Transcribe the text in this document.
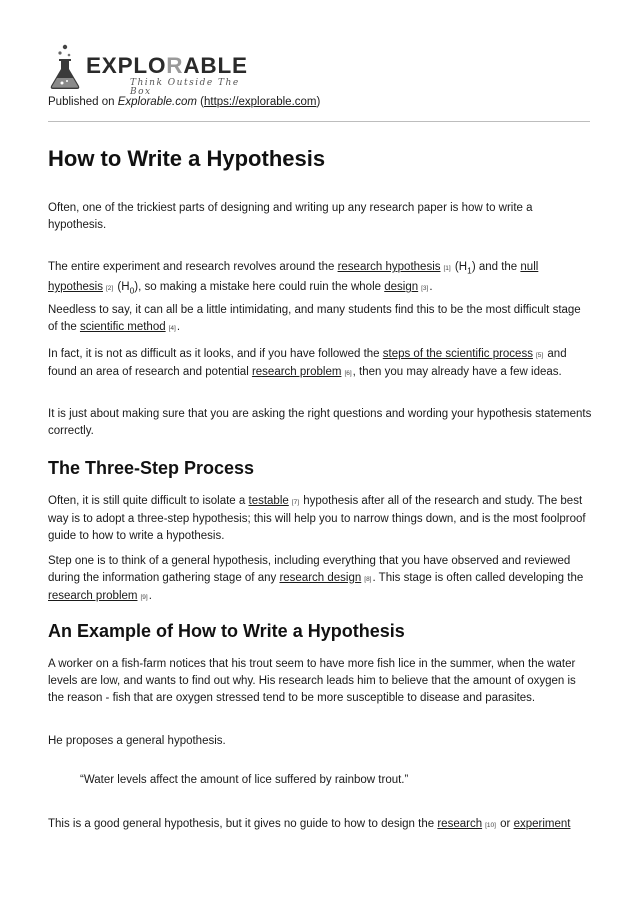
EXPLORABLE
Think Outside The Box
Published on Explorable.com (https://explorable.com)
How to Write a Hypothesis

Often, one of the trickiest parts of designing and writing up any research paper is how to write a hypothesis.

The entire experiment and research revolves around the research hypothesis [1] $(H_1)$ and the null hypothesis [2] $(H_0)$, so making a mistake here could ruin the whole design [3].

Needless to say, it can all be a little intimidating, and many students find this to be the most difficult stage of the scientific method [4].

In fact, it is not as difficult as it looks, and if you have followed the steps of the scientific process [5] and found an area of research and potential research problem [6], then you may already have a few ideas.

It is just about making sure that you are asking the right questions and wording your hypothesis statements correctly.

The Three-Step Process

Often, it is still quite difficult to isolate a testable [7] hypothesis after all of the research and study. The best way is to adopt a three-step hypothesis; this will help you to narrow things down, and is the most foolproof guide to how to write a hypothesis.

Step one is to think of a general hypothesis, including everything that you have observed and reviewed during the information gathering stage of any research design [8]. This stage is often called developing the research problem [9].

An Example of How to Write a Hypothesis

A worker on a fish-farm notices that his trout seem to have more fish lice in the summer, when the water levels are low, and wants to find out why. His research leads him to believe that the amount of oxygen is the reason - fish that are oxygen stressed tend to be more susceptible to disease and parasites.

He proposes a general hypothesis.

“Water levels affect the amount of lice suffered by rainbow trout.”

This is a good general hypothesis, but it gives no guide to how to design the research [10] or experiment
